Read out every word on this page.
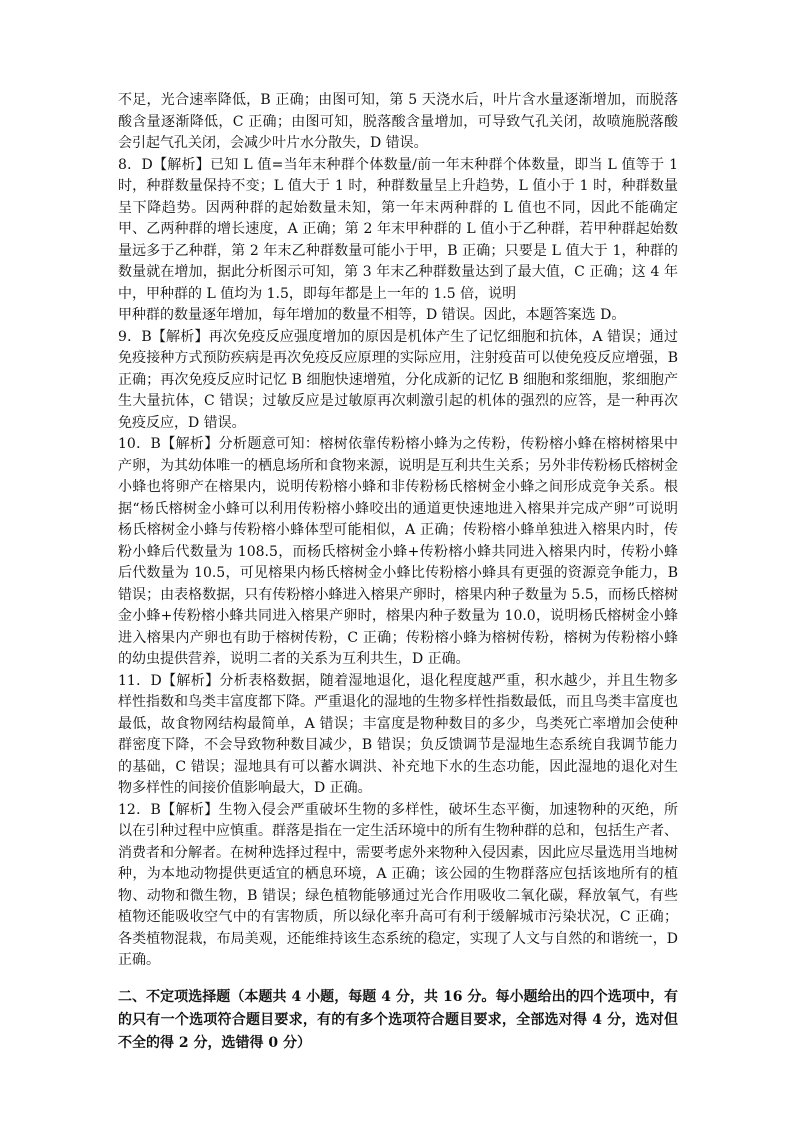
不足，光合速率降低，B 正确；由图可知，第 5 天浇水后，叶片含水量逐渐增加，而脱落酸含量逐渐降低，C 正确；由图可知，脱落酸含量增加，可导致气孔关闭，故喷施脱落酸会引起气孔关闭，会减少叶片水分散失，D 错误。

8．D【解析】已知 L 值=当年末种群个体数量/前一年末种群个体数量，即当 L 值等于 1 时，种群数量保持不变；L 值大于 1 时，种群数量呈上升趋势，L 值小于 1 时，种群数量呈下降趋势。因两种群的起始数量未知，第一年末两种群的 L 值也不同，因此不能确定甲、乙两种群的增长速度，A 正确；第 2 年末甲种群的 L 值小于乙种群，若甲种群起始数量远多于乙种群，第 2 年末乙种群数量可能小于甲，B 正确；只要是 L 值大于 1，种群的数量就在增加，据此分析图示可知，第 3 年末乙种群数量达到了最大值，C 正确；这 4 年中，甲种群的 L 值均为 1.5，即每年都是上一年的 1.5 倍，说明

甲种群的数量逐年增加，每年增加的数量不相等，D 错误。因此，本题答案选 D。

9．B【解析】再次免疫反应强度增加的原因是机体产生了记忆细胞和抗体，A 错误；通过免疫接种方式预防疾病是再次免疫反应原理的实际应用，注射疫苗可以使免疫反应增强，B 正确；再次免疫反应时记忆 B 细胞快速增殖，分化成新的记忆 B 细胞和浆细胞，浆细胞产生大量抗体，C 错误；过敏反应是过敏原再次刺激引起的机体的强烈的应答，是一种再次免疫反应，D 错误。

10．B【解析】分析题意可知：榕树依靠传粉榕小蜂为之传粉，传粉榕小蜂在榕树榕果中产卵，为其幼体唯一的栖息场所和食物来源，说明是互利共生关系；另外非传粉杨氏榕树金小蜂也将卵产在榕果内，说明传粉榕小蜂和非传粉杨氏榕树金小蜂之间形成竞争关系。根据“杨氏榕树金小蜂可以利用传粉榕小蜂咬出的通道更快速地进入榕果并完成产卵”可说明杨氏榕树金小蜂与传粉榕小蜂体型可能相似，A 正确；传粉榕小蜂单独进入榕果内时，传粉小蜂后代数量为 108.5，而杨氏榕树金小蜂+传粉榕小蜂共同进入榕果内时，传粉小蜂后代数量为 10.5，可见榕果内杨氏榕树金小蜂比传粉榕小蜂具有更强的资源竞争能力，B 错误；由表格数据，只有传粉榕小蜂进入榕果产卵时，榕果内种子数量为 5.5，而杨氏榕树金小蜂+传粉榕小蜂共同进入榕果产卵时，榕果内种子数量为 10.0，说明杨氏榕树金小蜂进入榕果内产卵也有助于榕树传粉，C 正确；传粉榕小蜂为榕树传粉，榕树为传粉榕小蜂的幼虫提供营养，说明二者的关系为互利共生，D 正确。

11．D【解析】分析表格数据，随着湿地退化，退化程度越严重，积水越少，并且生物多样性指数和鸟类丰富度都下降。严重退化的湿地的生物多样性指数最低，而且鸟类丰富度也最低，故食物网结构最简单，A 错误；丰富度是物种数目的多少，鸟类死亡率增加会使种群密度下降，不会导致物种数目减少，B 错误；负反馈调节是湿地生态系统自我调节能力的基础，C 错误；湿地具有可以蓄水调洪、补充地下水的生态功能，因此湿地的退化对生物多样性的间接价值影响最大，D 正确。

12．B【解析】生物入侵会严重破坏生物的多样性，破坏生态平衡，加速物种的灭绝，所以在引种过程中应慎重。群落是指在一定生活环境中的所有生物种群的总和，包括生产者、消费者和分解者。在树种选择过程中，需要考虑外来物种入侵因素，因此应尽量选用当地树种，为本地动物提供更适宜的栖息环境，A 正确；该公园的生物群落应包括该地所有的植物、动物和微生物，B 错误；绿色植物能够通过光合作用吸收二氧化碳，释放氧气，有些植物还能吸收空气中的有害物质，所以绿化率升高可有利于缓解城市污染状况，C 正确；各类植物混栽，布局美观，还能维持该生态系统的稳定，实现了人文与自然的和谐统一，D 正确。

二、不定项选择题（本题共 4 小题，每题 4 分，共 16 分。每小题给出的四个选项中，有的只有一个选项符合题目要求，有的有多个选项符合题目要求，全部选对得 4 分，选对但不全的得 2 分，选错得 0 分）
